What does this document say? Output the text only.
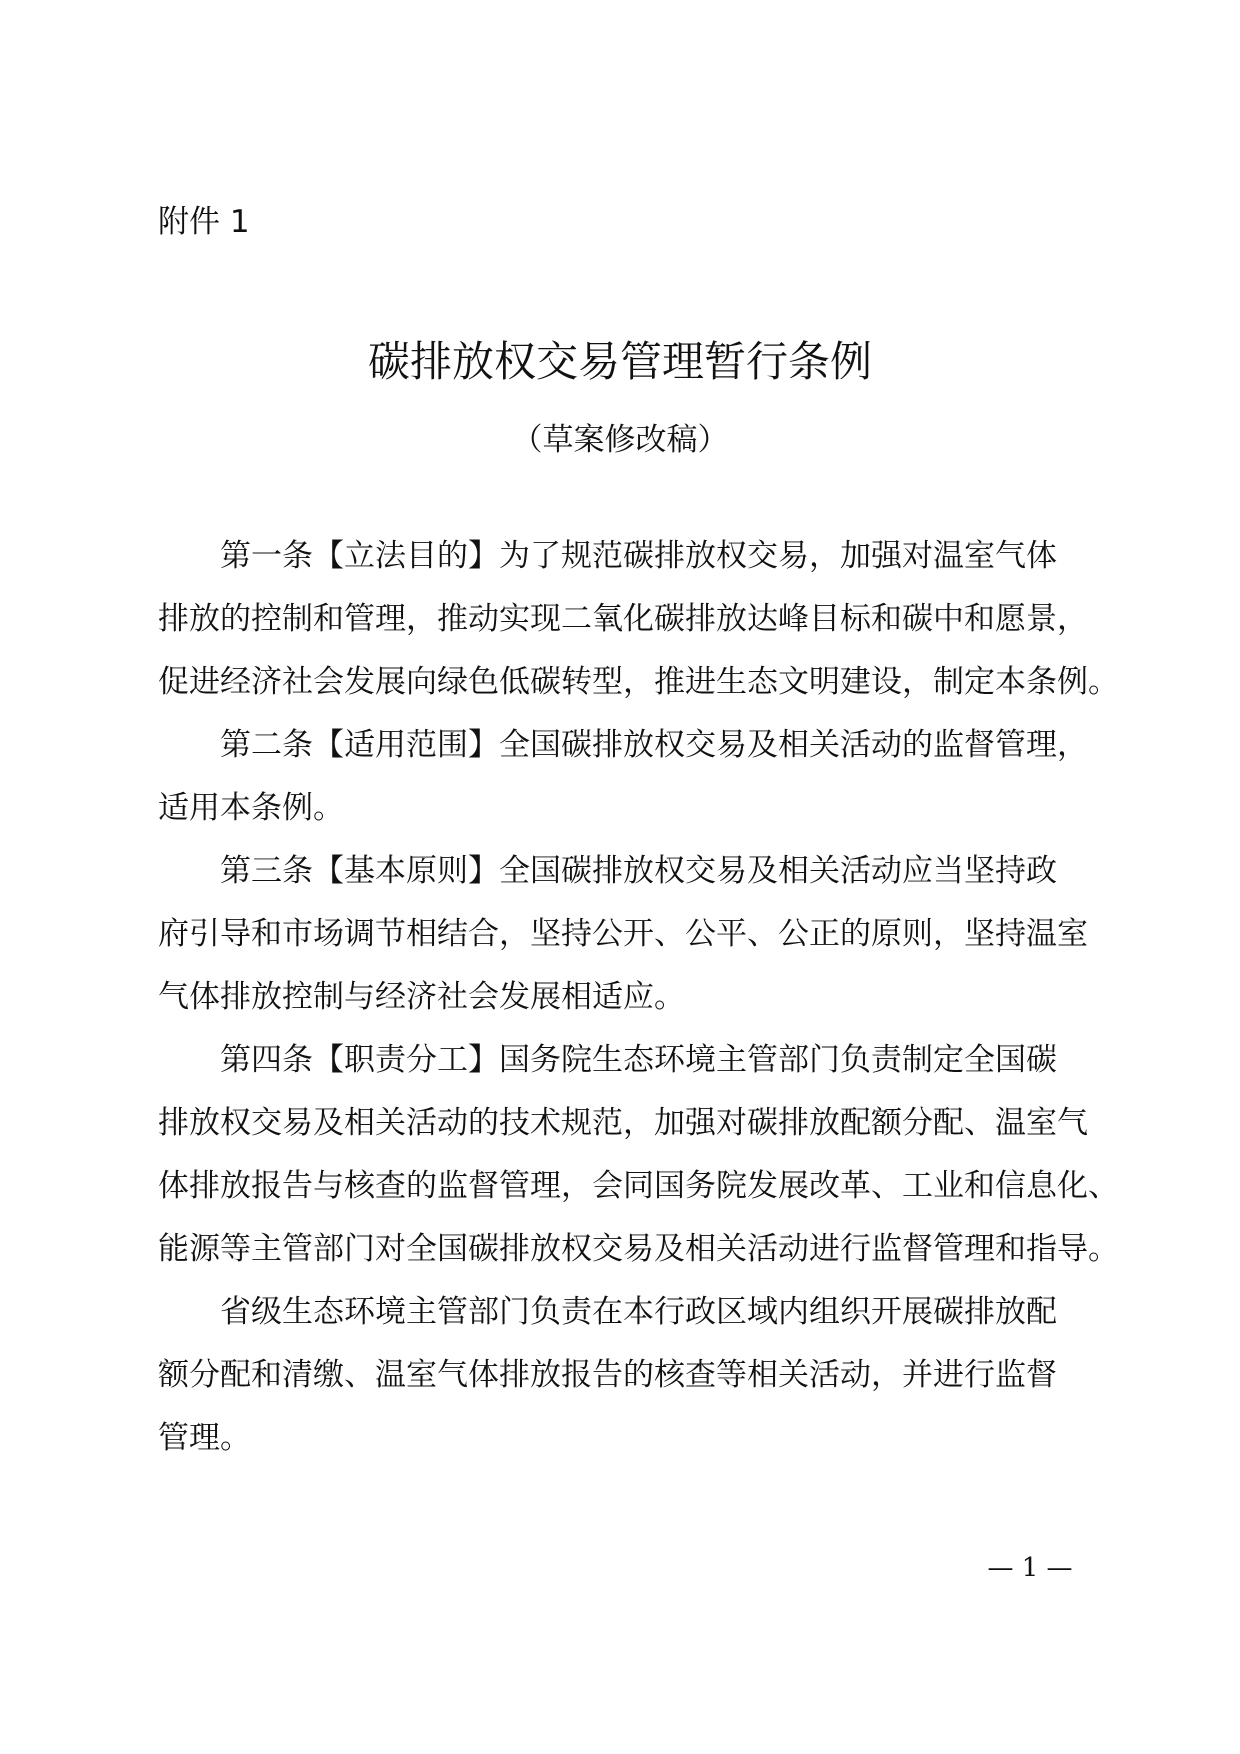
附件 1
碳排放权交易管理暂行条例
（草案修改稿）
第一条【立法目的】为了规范碳排放权交易，加强对温室气体
排放的控制和管理，推动实现二氧化碳排放达峰目标和碳中和愿景，
促进经济社会发展向绿色低碳转型，推进生态文明建设，制定本条例。
第二条【适用范围】全国碳排放权交易及相关活动的监督管理，
适用本条例。
第三条【基本原则】全国碳排放权交易及相关活动应当坚持政
府引导和市场调节相结合，坚持公开、公平、公正的原则，坚持温室
气体排放控制与经济社会发展相适应。
第四条【职责分工】国务院生态环境主管部门负责制定全国碳
排放权交易及相关活动的技术规范，加强对碳排放配额分配、温室气
体排放报告与核查的监督管理，会同国务院发展改革、工业和信息化、
能源等主管部门对全国碳排放权交易及相关活动进行监督管理和指导。
省级生态环境主管部门负责在本行政区域内组织开展碳排放配
额分配和清缴、温室气体排放报告的核查等相关活动，并进行监督
管理。
— 1 —
